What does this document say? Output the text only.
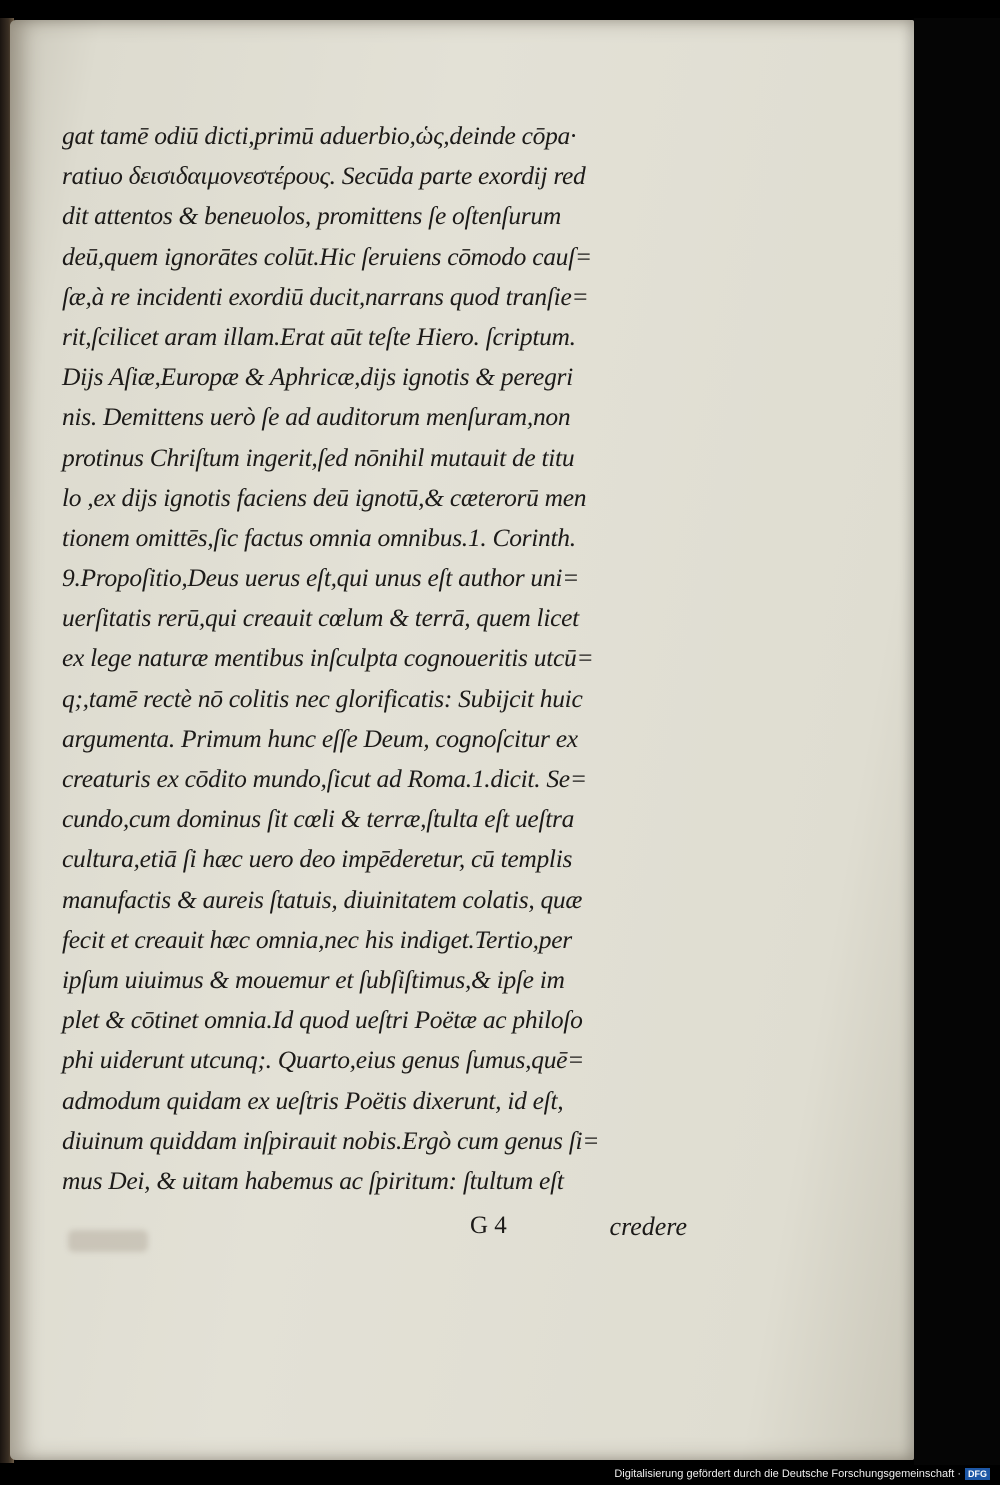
gat tamē odiū dicti,primū aduerbio,ὡς,deinde cōpa·
ratiuo δεισιδαιμονεστέρους. Secūda parte exordij red
dit attentos & beneuolos, promittens ſe oſtenſurum
deū,quem ignorātes colūt.Hic ſeruiens cōmodo cauſ=
ſæ,à re incidenti exordiū ducit,narrans quod tranſie=
rit,ſcilicet aram illam.Erat aūt teſte Hiero. ſcriptum.
Dijs Aſiæ,Europæ & Aphricæ,dijs ignotis & peregri
nis. Demittens uerò ſe ad auditorum menſuram,non
protinus Chriſtum ingerit,ſed nōnihil mutauit de titu
lo ,ex dijs ignotis faciens deū ignotū,& cæterorū men
tionem omittēs,ſic factus omnia omnibus.1. Corinth.
9.Propoſitio,Deus uerus eſt,qui unus eſt author uni=
uerſitatis rerū,qui creauit cœlum & terrā, quem licet
ex lege naturæ mentibus inſculpta cognoueritis utcū=
q;,tamē rectè nō colitis nec glorificatis: Subijcit huic
argumenta. Primum hunc eſſe Deum, cognoſcitur ex
creaturis ex cōdito mundo,ſicut ad Roma.1.dicit. Se=
cundo,cum dominus ſit cœli & terræ,ſtulta eſt ueſtra
cultura,etiā ſi hæc uero deo impēderetur, cū templis
manufactis & aureis ſtatuis, diuinitatem colatis, quæ
fecit et creauit hæc omnia,nec his indiget.Tertio,per
ipſum uiuimus & mouemur et ſubſiſtimus,& ipſe im
plet & cōtinet omnia.Id quod ueſtri Poëtæ ac philoſo
phi uiderunt utcunq;. Quarto,eius genus ſumus,quē=
admodum quidam ex ueſtris Poëtis dixerunt, id eſt,
diuinum quiddam inſpirauit nobis.Ergò cum genus ſi=
mus Dei, & uitam habemus ac ſpiritum: ſtultum eſt
G 4	credere
Digitalisierung gefördert durch die Deutsche Forschungsgemeinschaft · DFG
